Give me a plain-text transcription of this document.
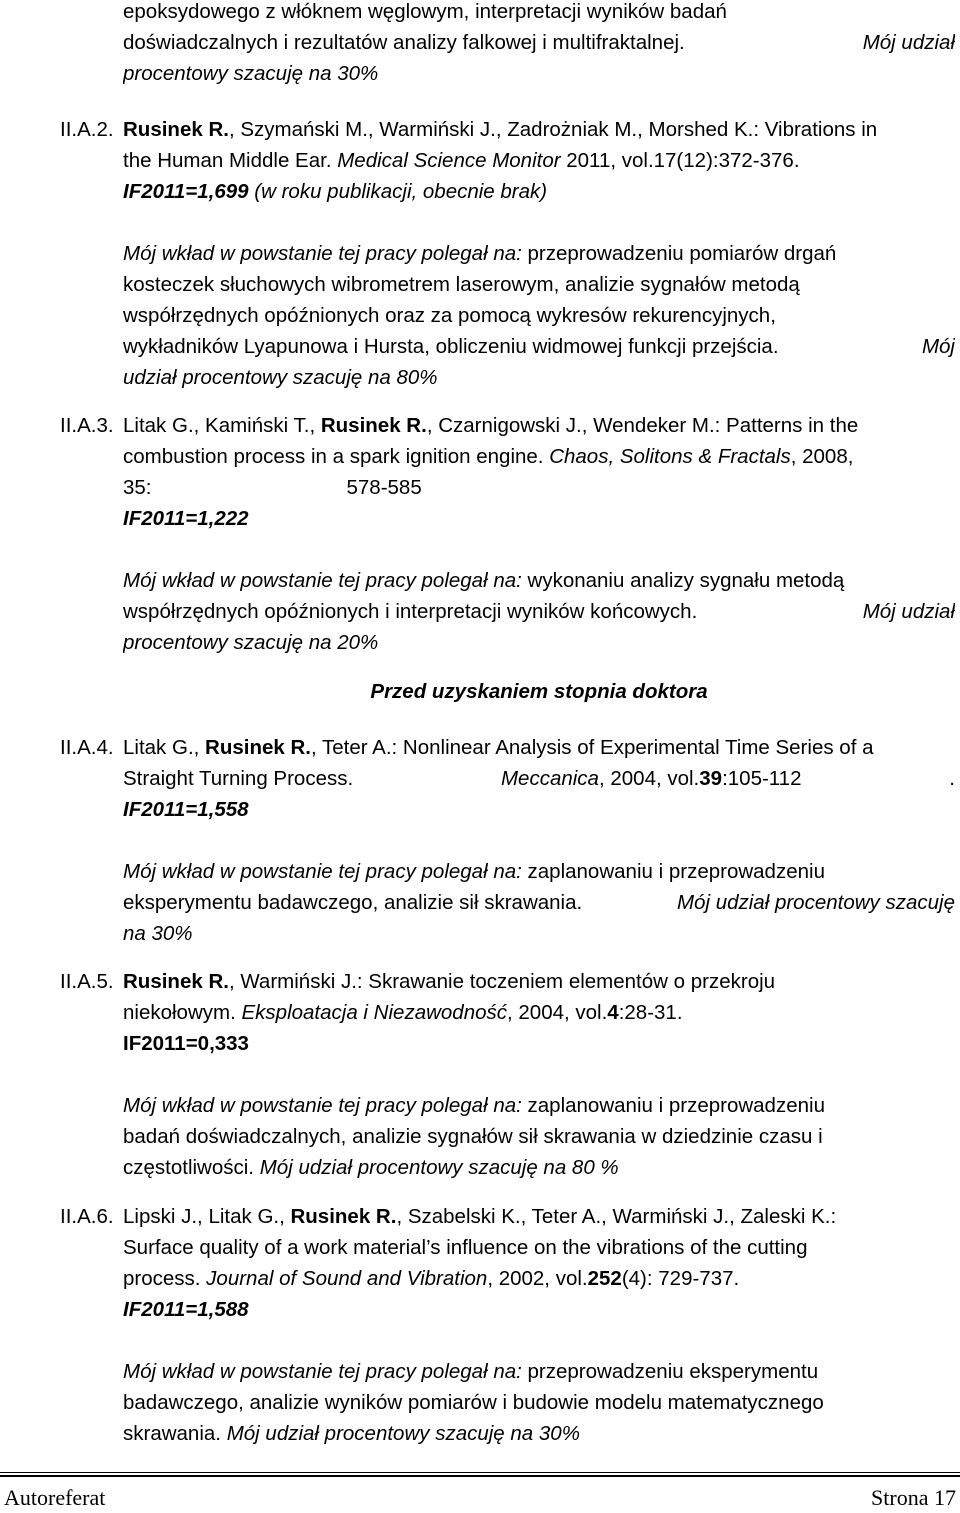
epoksydowego z włóknem węglowym, interpretacji wyników badań
doświadczalnych i rezultatów analizy falkowej i multifraktalnej.	Mój udział
procentowy szacuję na 30%
II.A.2. Rusinek R., Szymański M., Warmiński J., Zadrożniak M., Morshed K.: Vibrations in
the Human Middle Ear. Medical Science Monitor 2011, vol.17(12):372-376.
IF2011=1,699 (w roku publikacji, obecnie brak)
Mój wkład w powstanie tej pracy polegał na: przeprowadzeniu pomiarów drgań
kosteczek słuchowych wibrometrem laserowym, analizie sygnałów metodą
współrzędnych opóźnionych oraz za pomocą wykresów rekurencyjnych,
wykładników Lyapunowa i Hursta, obliczeniu widmowej funkcji przejścia.	Mój
udział procentowy szacuję na 80%
II.A.3. Litak G., Kamiński T., Rusinek R., Czarnigowski J., Wendeker M.: Patterns in the
combustion process in a spark ignition engine. Chaos, Solitons & Fractals, 2008,
35:	578-585
IF2011=1,222
Mój wkład w powstanie tej pracy polegał na: wykonaniu analizy sygnału metodą
współrzędnych opóźnionych i interpretacji wyników końcowych.	Mój udział
procentowy szacuję na 20%
Przed uzyskaniem stopnia doktora
II.A.4. Litak G., Rusinek R., Teter A.: Nonlinear Analysis of Experimental Time Series of a
Straight Turning Process.	Meccanica, 2004, vol.39:105-112	.
IF2011=1,558
Mój wkład w powstanie tej pracy polegał na: zaplanowaniu i przeprowadzeniu
eksperymentu badawczego, analizie sił skrawania.	Mój udział procentowy szacuję
na 30%
II.A.5. Rusinek R., Warmiński J.: Skrawanie toczeniem elementów o przekroju
niekołowym. Eksploatacja i Niezawodność, 2004, vol.4:28-31.
IF2011=0,333
Mój wkład w powstanie tej pracy polegał na: zaplanowaniu i przeprowadzeniu
badań doświadczalnych, analizie sygnałów sił skrawania w dziedzinie czasu i
częstotliwości. Mój udział procentowy szacuję na 80 %
II.A.6. Lipski J., Litak G., Rusinek R., Szabelski K., Teter A., Warmiński J., Zaleski K.:
Surface quality of a work material’s influence on the vibrations of the cutting
process. Journal of Sound and Vibration, 2002, vol.252(4): 729-737.
IF2011=1,588
Mój wkład w powstanie tej pracy polegał na: przeprowadzeniu eksperymentu
badawczego, analizie wyników pomiarów i budowie modelu matematycznego
skrawania. Mój udział procentowy szacuję na 30%
Autoreferat	Strona 17
